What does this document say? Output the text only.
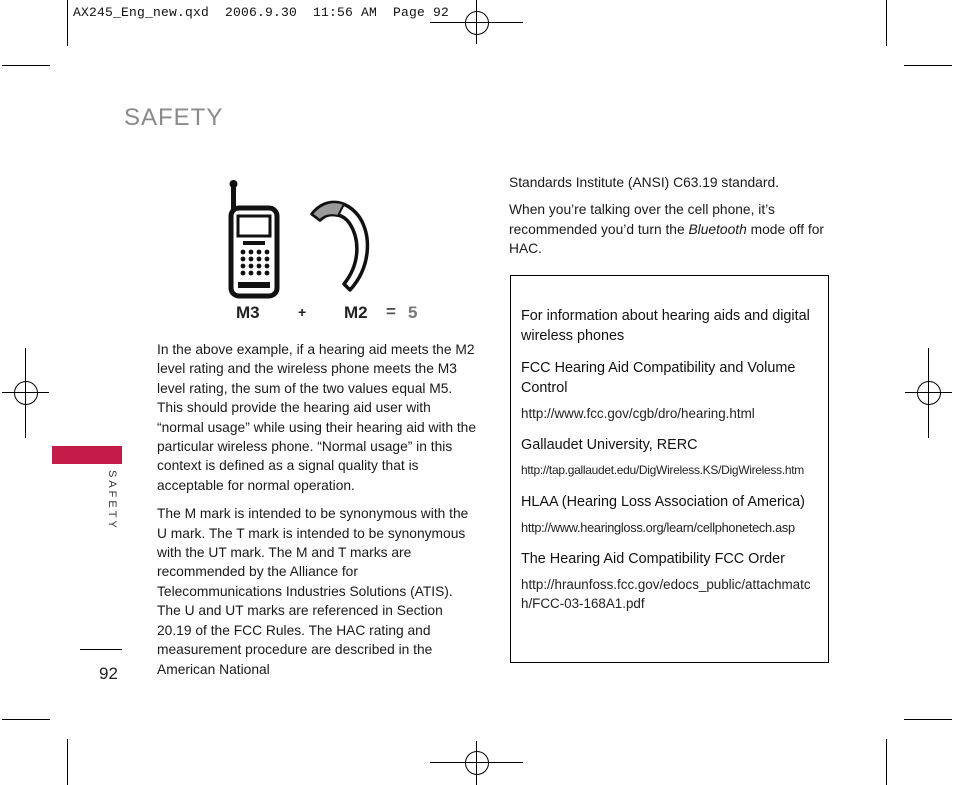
AX245_Eng_new.qxd  2006.9.30  11:56 AM  Page 92
SAFETY
SAFETY
92
M3	+ M2 = 5

In the above example, if a hearing aid meets the M2 level rating and the wireless phone meets the M3 level rating, the sum of the two values equal M5. This should provide the hearing aid user with “normal usage” while using their hearing aid with the particular wireless phone. “Normal usage” in this context is defined as a signal quality that is acceptable for normal operation.

The M mark is intended to be synonymous with the U mark. The T mark is intended to be synonymous with the UT mark. The M and T marks are recommended by the Alliance for Telecommunications Industries Solutions (ATIS). The U and UT marks are referenced in Section 20.19 of the FCC Rules. The HAC rating and measurement procedure are described in the American National

Standards Institute (ANSI) C63.19 standard.

When you’re talking over the cell phone, it’s recommended you’d turn the Bluetooth mode off for HAC.

For information about hearing aids and digital wireless phones

FCC Hearing Aid Compatibility and Volume Control

http://www.fcc.gov/cgb/dro/hearing.html

Gallaudet University, RERC

http://tap.gallaudet.edu/DigWireless.KS/DigWireless.htm

HLAA (Hearing Loss Association of America)

http://www.hearingloss.org/learn/cellphonetech.asp

The Hearing Aid Compatibility FCC Order

http://hraunfoss.fcc.gov/edocs_public/attachmatch/FCC-03-168A1.pdf
